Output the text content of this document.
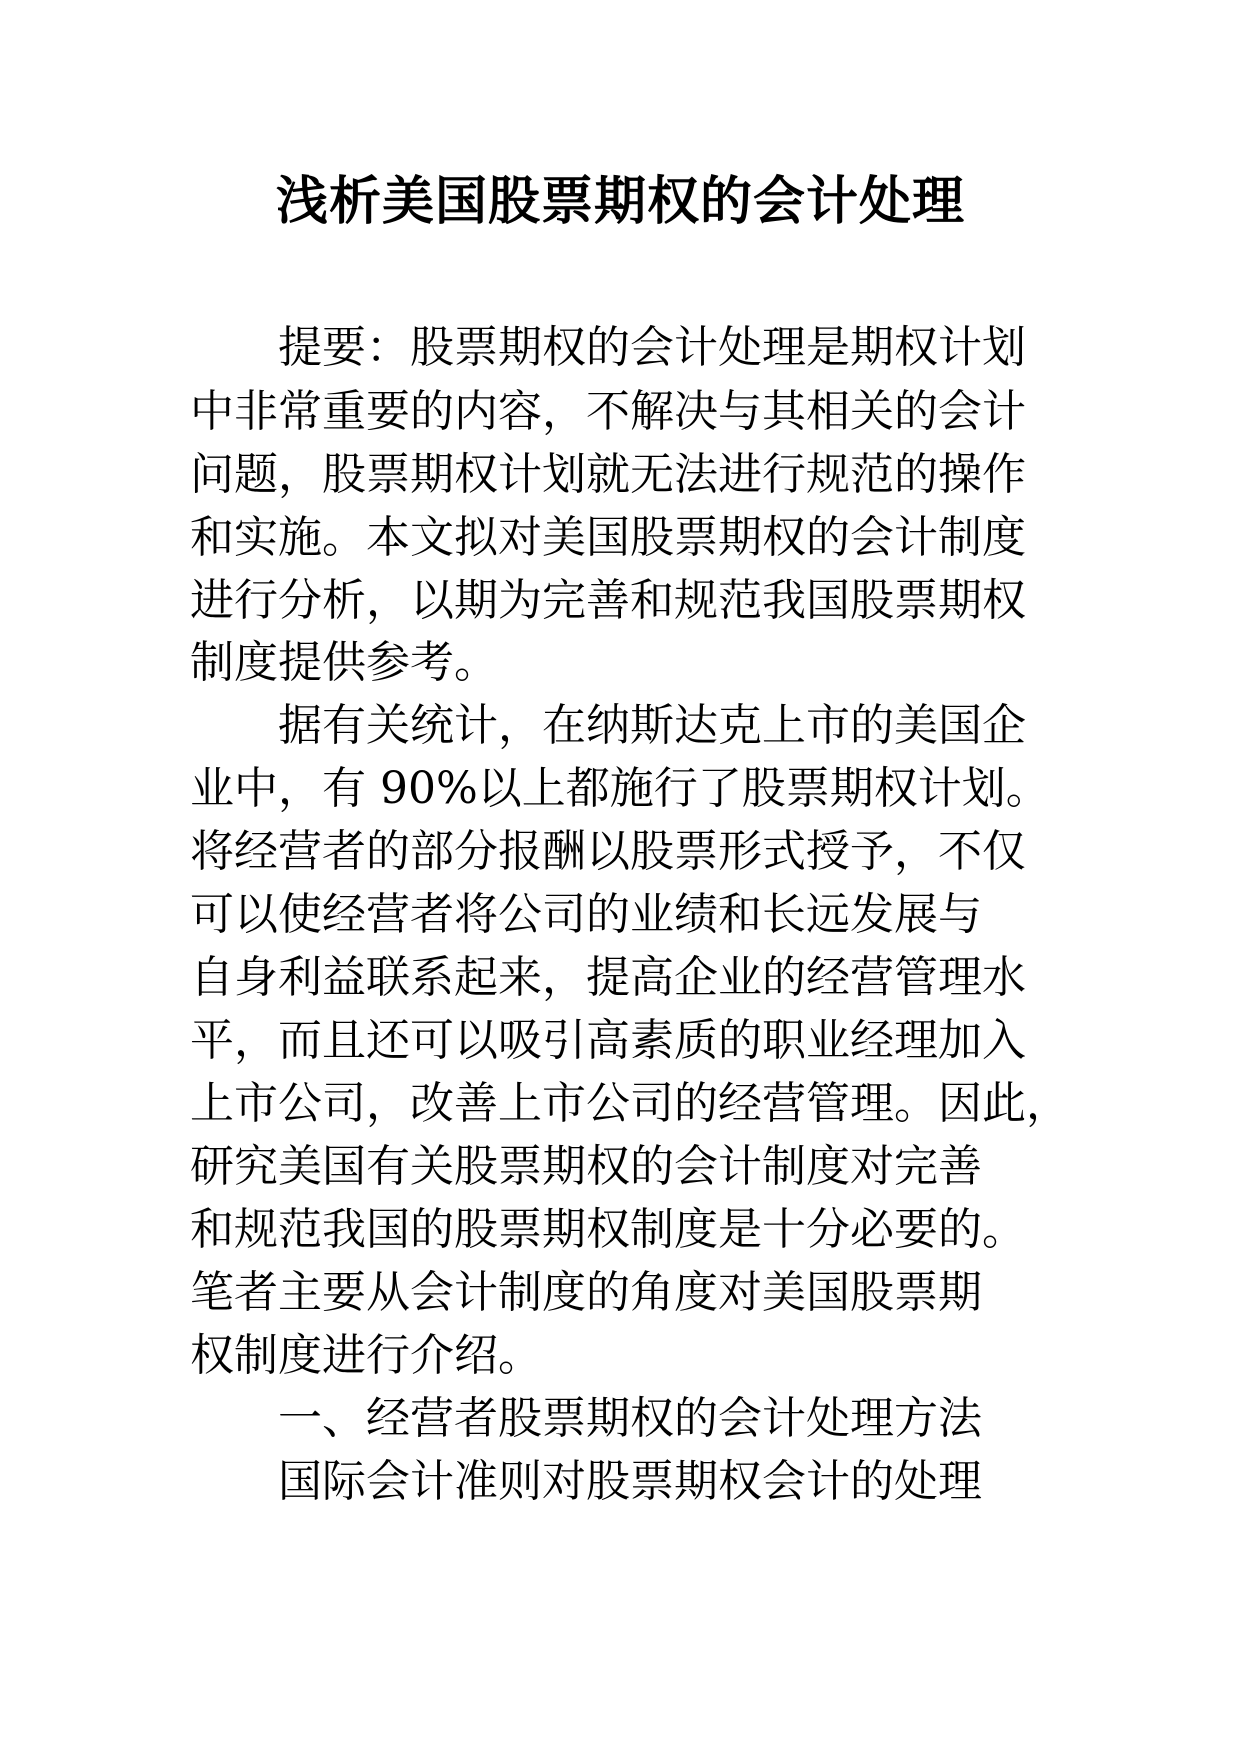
浅析美国股票期权的会计处理
提要：股票期权的会计处理是期权计划
中非常重要的内容，不解决与其相关的会计
问题，股票期权计划就无法进行规范的操作
和实施。本文拟对美国股票期权的会计制度
进行分析，以期为完善和规范我国股票期权
制度提供参考。
据有关统计，在纳斯达克上市的美国企
业中，有 90%以上都施行了股票期权计划。
将经营者的部分报酬以股票形式授予，不仅
可以使经营者将公司的业绩和长远发展与
自身利益联系起来，提高企业的经营管理水
平，而且还可以吸引高素质的职业经理加入
上市公司，改善上市公司的经营管理。因此，
研究美国有关股票期权的会计制度对完善
和规范我国的股票期权制度是十分必要的。
笔者主要从会计制度的角度对美国股票期
权制度进行介绍。
一、经营者股票期权的会计处理方法
国际会计准则对股票期权会计的处理
